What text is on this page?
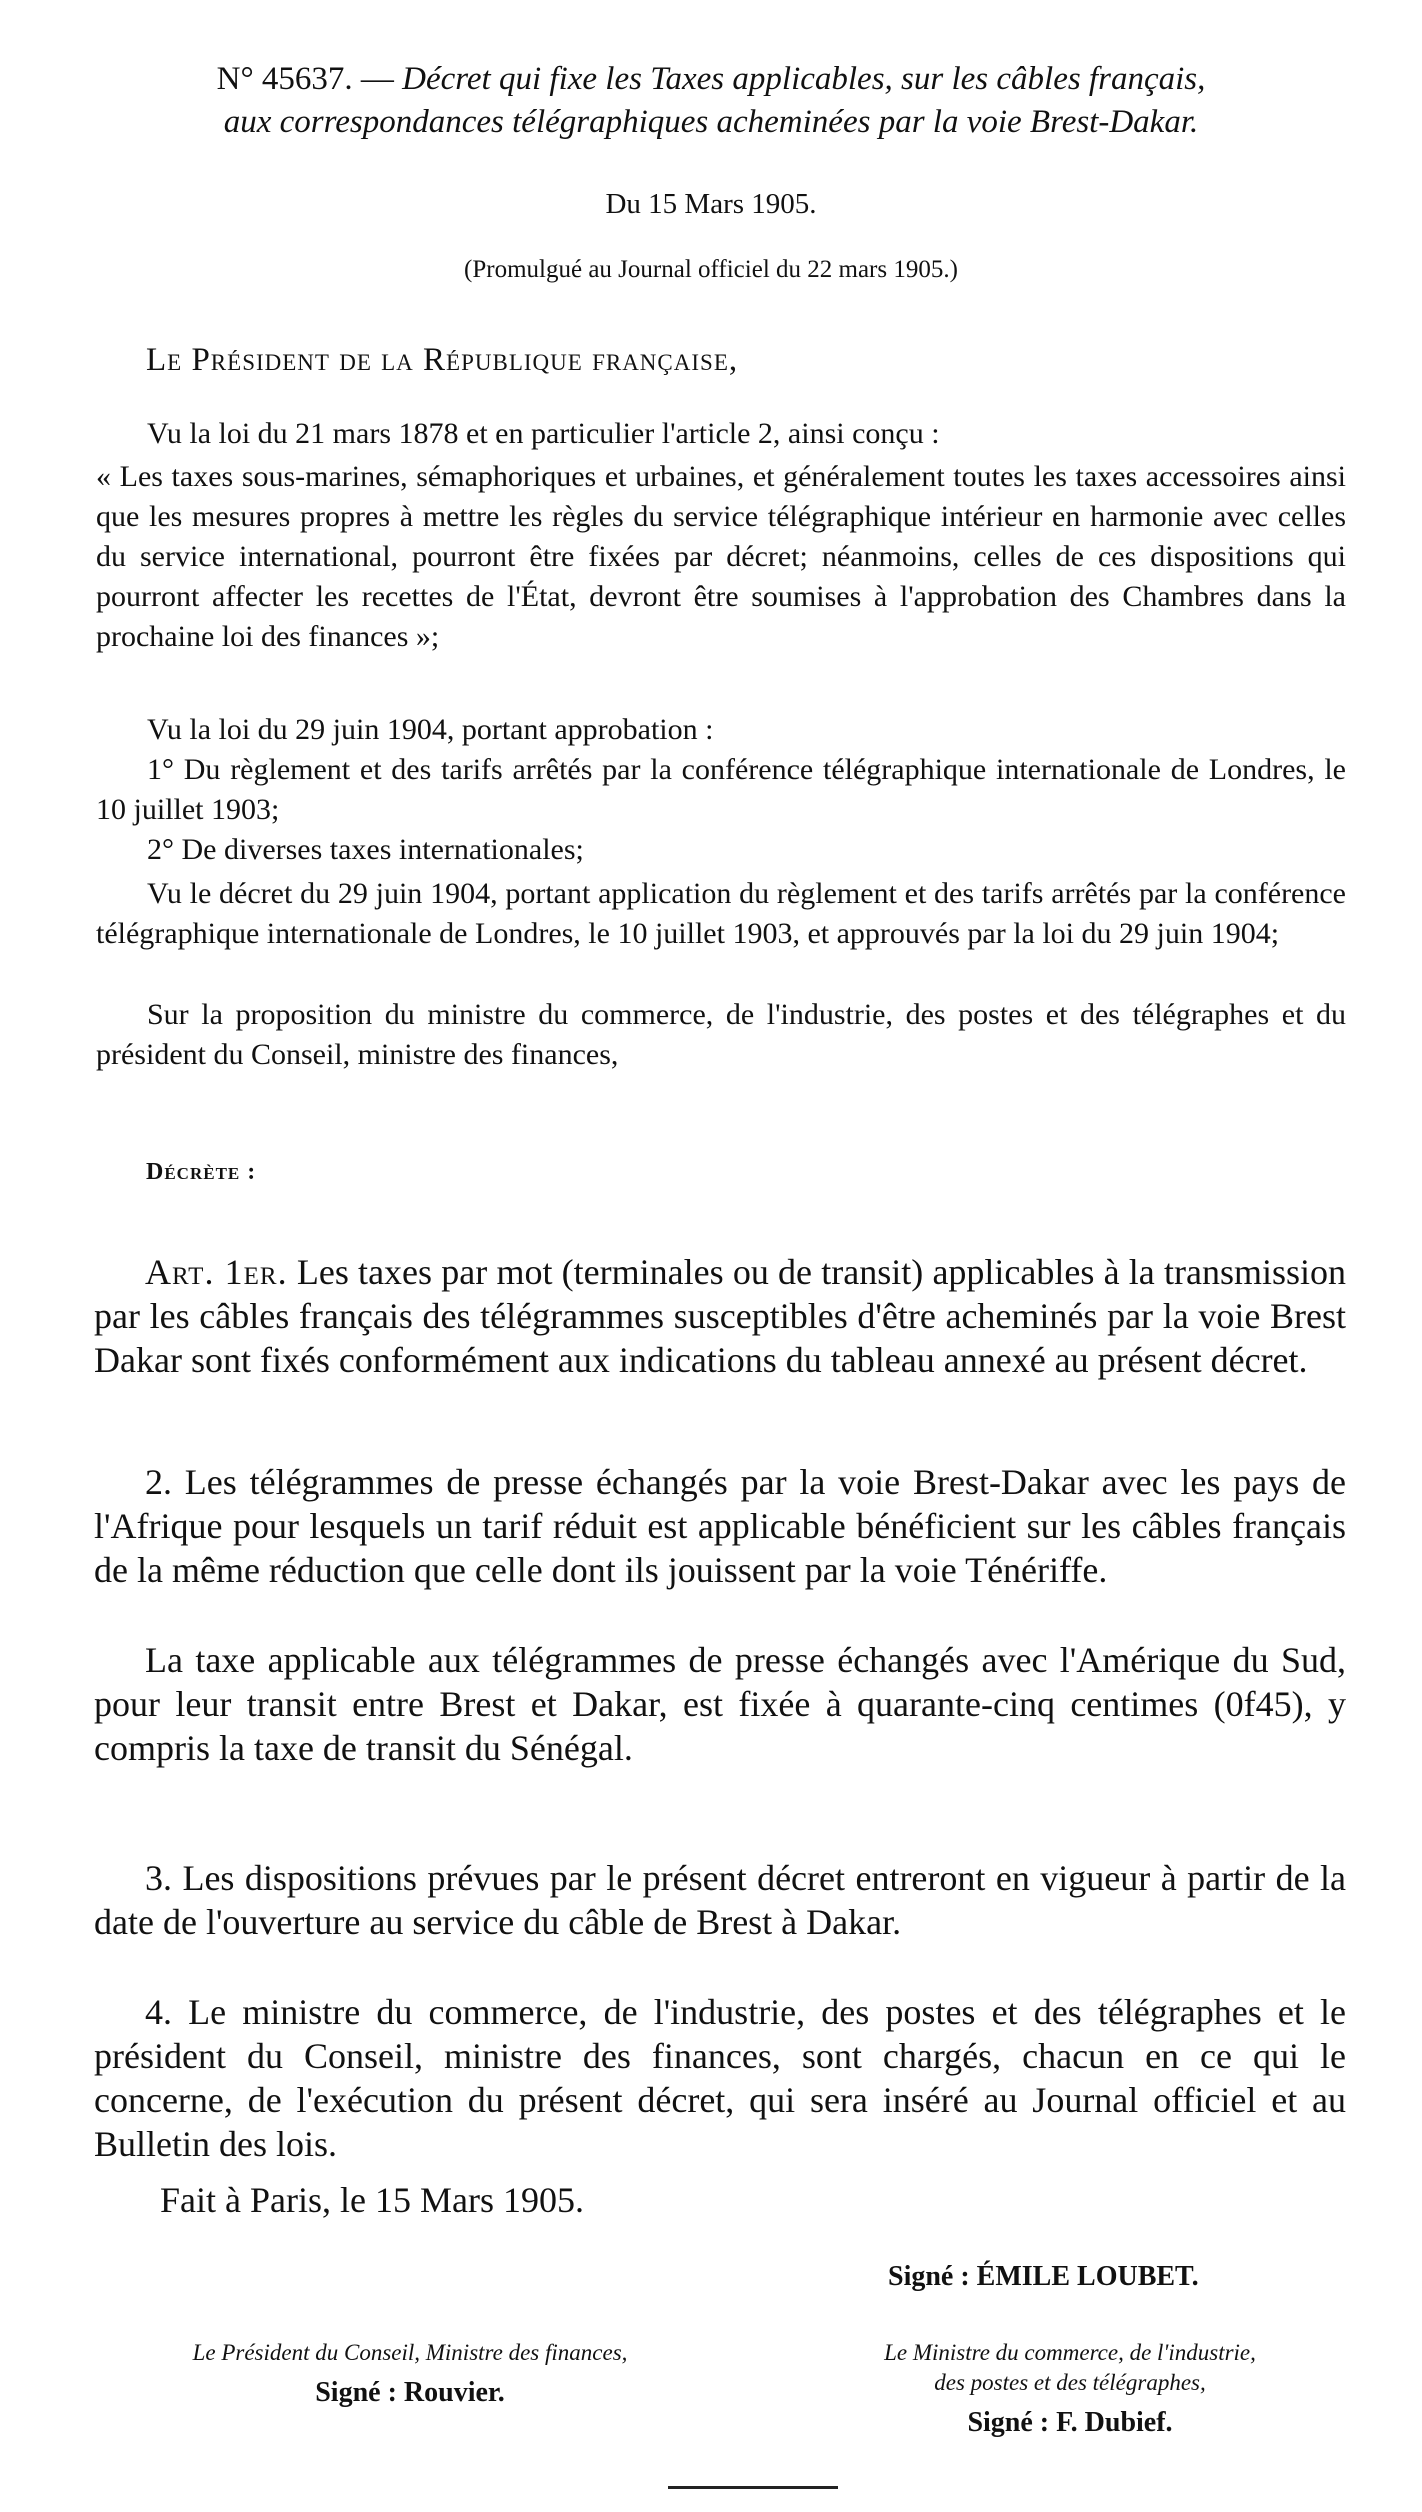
N° 45637. — Décret qui fixe les Taxes applicables, sur les câbles français,
aux correspondances télégraphiques acheminées par la voie Brest-Dakar.
Du 15 Mars 1905.
(Promulgué au Journal officiel du 22 mars 1905.)
Le Président de la République française,

Vu la loi du 21 mars 1878 et en particulier l'article 2, ainsi conçu :

« Les taxes sous-marines, sémaphoriques et urbaines, et généralement toutes les taxes accessoires ainsi que les mesures propres à mettre les règles du service télégraphique intérieur en harmonie avec celles du service international, pourront être fixées par décret; néanmoins, celles de ces dispositions qui pourront affecter les recettes de l'État, devront être soumises à l'approbation des Chambres dans la prochaine loi des finances »;

Vu la loi du 29 juin 1904, portant approbation :

1° Du règlement et des tarifs arrêtés par la conférence télégraphique internationale de Londres, le 10 juillet 1903;

2° De diverses taxes internationales;

Vu le décret du 29 juin 1904, portant application du règlement et des tarifs arrêtés par la conférence télégraphique internationale de Londres, le 10 juillet 1903, et approuvés par la loi du 29 juin 1904;

Sur la proposition du ministre du commerce, de l'industrie, des postes et des télégraphes et du président du Conseil, ministre des finances,

Décrète :

Art. 1er. Les taxes par mot (terminales ou de transit) applicables à la transmission par les câbles français des télégrammes susceptibles d'être acheminés par la voie Brest Dakar sont fixés conformément aux indications du tableau annexé au présent décret.

2. Les télégrammes de presse échangés par la voie Brest-Dakar avec les pays de l'Afrique pour lesquels un tarif réduit est applicable bénéficient sur les câbles français de la même réduction que celle dont ils jouissent par la voie Ténériffe.

La taxe applicable aux télégrammes de presse échangés avec l'Amérique du Sud, pour leur transit entre Brest et Dakar, est fixée à quarante-cinq centimes (0f45), y compris la taxe de transit du Sénégal.

3. Les dispositions prévues par le présent décret entreront en vigueur à partir de la date de l'ouverture au service du câble de Brest à Dakar.

4. Le ministre du commerce, de l'industrie, des postes et des télégraphes et le président du Conseil, ministre des finances, sont chargés, chacun en ce qui le concerne, de l'exécution du présent décret, qui sera inséré au Journal officiel et au Bulletin des lois.

Fait à Paris, le 15 Mars 1905.
Signé : ÉMILE LOUBET.
Le Président du Conseil, Ministre des finances,
Signé : Rouvier.
Le Ministre du commerce, de l'industrie,
des postes et des télégraphes,
Signé : F. Dubief.
